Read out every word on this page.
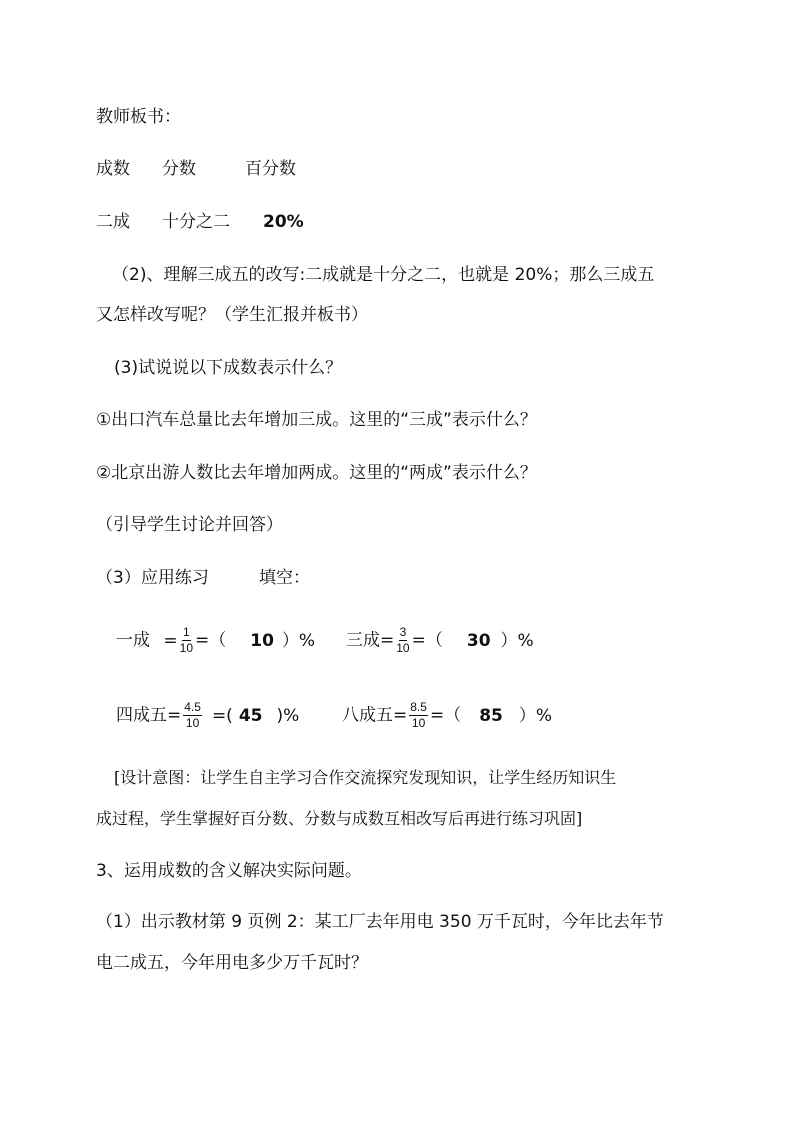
教师板书：
成数 分数	百分数
二成 十分之二 20%
（2)、理解三成五的改写:二成就是十分之二，也就是 20%；那么三成五
又怎样改写呢？（学生汇报并板书）
(3)试说说以下成数表示什么？
①出口汽车总量比去年增加三成。这里的“三成”表示什么？
②北京出游人数比去年增加两成。这里的“两成”表示什么？
（引导学生讨论并回答）
（3）应用练习	填空：
一成 = $\frac{1}{10}$ =（ 10 ）% 三成= $\frac{3}{10}$ =（ 30 ）%
四成五= $\frac{4.5}{10}$ =( 45 )%	八成五= $\frac{8.5}{10}$ =（ 85 ）%
[设计意图：让学生自主学习合作交流探究发现知识，让学生经历知识生
成过程，学生掌握好百分数、分数与成数互相改写后再进行练习巩固]
3、运用成数的含义解决实际问题。
（1）出示教材第 9 页例 2：某工厂去年用电 350 万千瓦时，今年比去年节
电二成五，今年用电多少万千瓦时？
